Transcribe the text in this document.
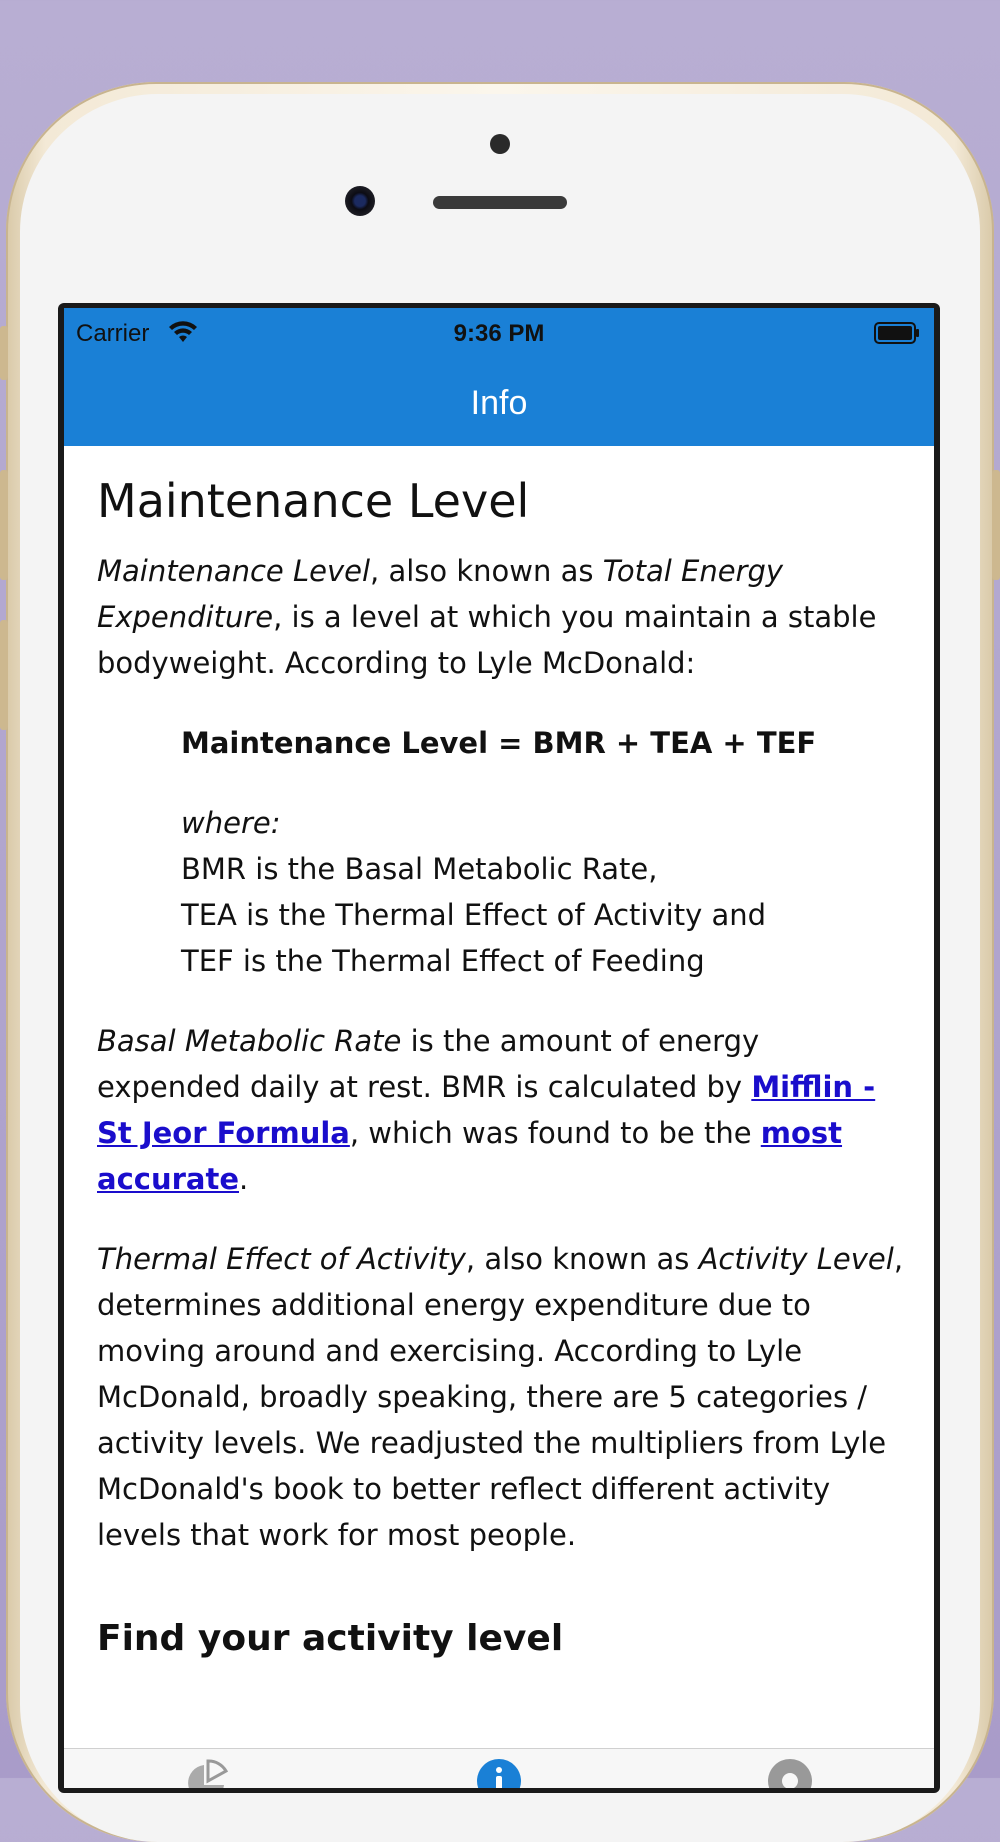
Carrier	9:36 PM
Info
Maintenance Level

Maintenance Level, also known as Total Energy Expenditure, is a level at which you maintain a stable bodyweight. According to Lyle McDonald:

Maintenance Level = BMR + TEA + TEF
where:
BMR is the Basal Metabolic Rate,
TEA is the Thermal Effect of Activity and
TEF is the Thermal Effect of Feeding

Basal Metabolic Rate is the amount of energy expended daily at rest. BMR is calculated by Mifflin - St Jeor Formula, which was found to be the most accurate.

Thermal Effect of Activity, also known as Activity Level, determines additional energy expenditure due to moving around and exercising. According to Lyle McDonald, broadly speaking, there are 5 categories / activity levels. We readjusted the multipliers from Lyle McDonald's book to better reflect different activity levels that work for most people.

Find your activity level
